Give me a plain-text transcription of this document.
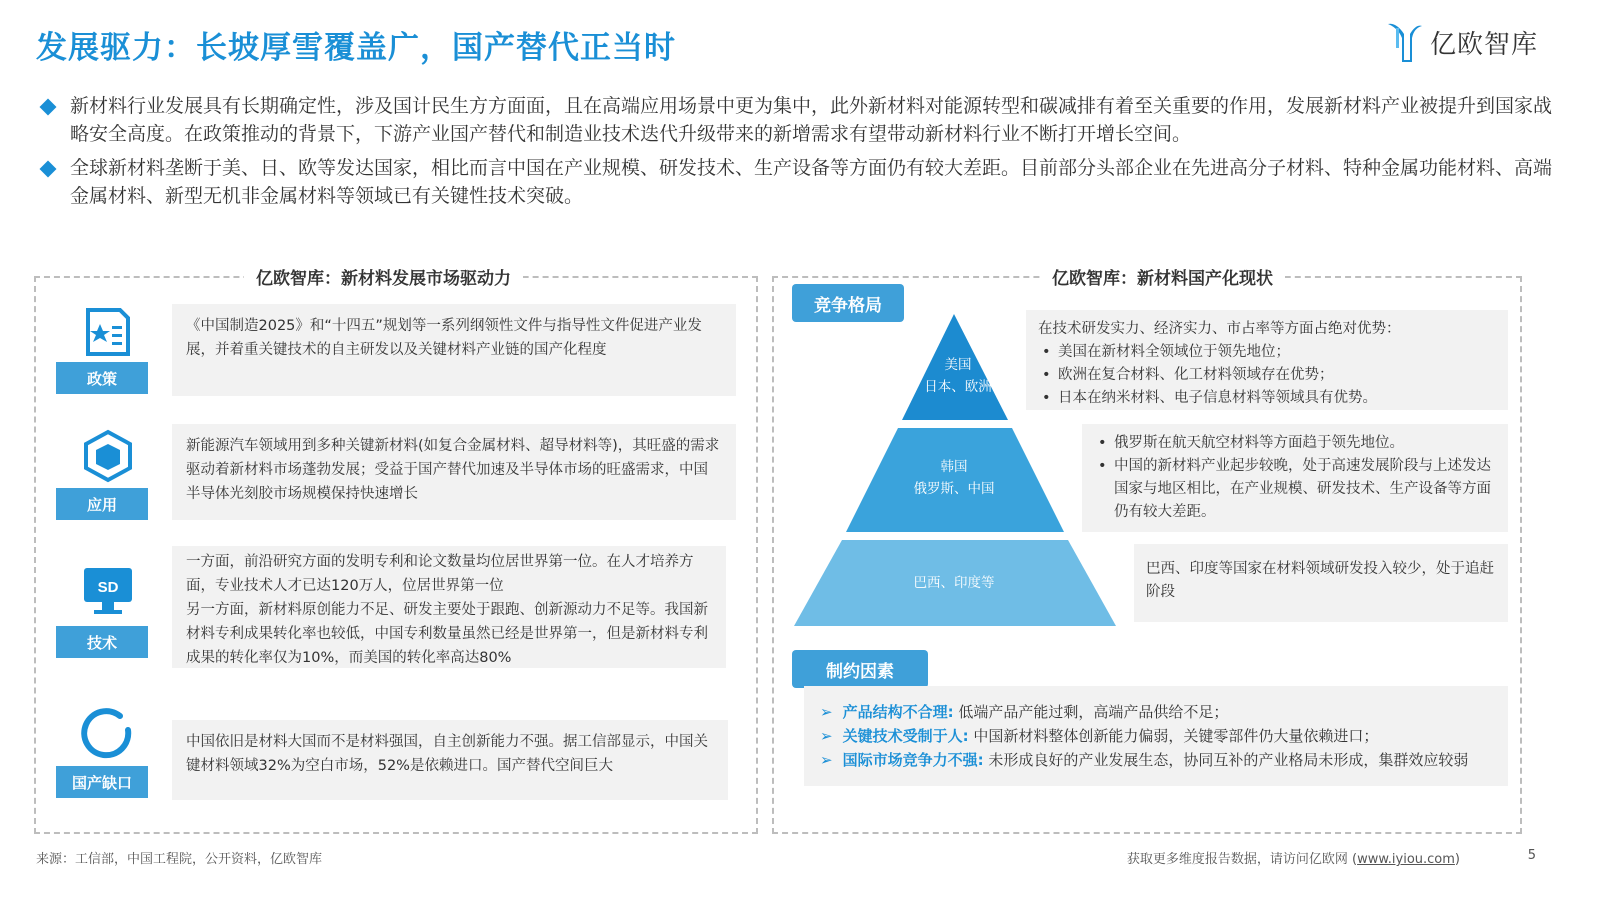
发展驱力：长坡厚雪覆盖广，国产替代正当时	亿欧智库

新材料行业发展具有长期确定性，涉及国计民生方方面面，且在高端应用场景中更为集中，此外新材料对能源转型和碳减排有着至关重要的作用，发展新材料产业被提升到国家战略安全高度。在政策推动的背景下，下游产业国产替代和制造业技术迭代升级带来的新增需求有望带动新材料行业不断打开增长空间。

全球新材料垄断于美、日、欧等发达国家，相比而言中国在产业规模、研发技术、生产设备等方面仍有较大差距。目前部分头部企业在先进高分子材料、特种金属功能材料、高端金属材料、新型无机非金属材料等领域已有关键性技术突破。

亿欧智库：新材料发展市场驱动力
政策
《中国制造2025》和“十四五”规划等一系列纲领性文件与指导性文件促进产业发展，并着重关键技术的自主研发以及关键材料产业链的国产化程度
应用
新能源汽车领域用到多种关键新材料(如复合金属材料、超导材料等)，其旺盛的需求驱动着新材料市场蓬勃发展；受益于国产替代加速及半导体市场的旺盛需求，中国半导体光刻胶市场规模保持快速增长
SD
技术
一方面，前沿研究方面的发明专利和论文数量均位居世界第一位。在人才培养方面，专业技术人才已达120万人，位居世界第一位
另一方面，新材料原创能力不足、研发主要处于跟跑、创新源动力不足等。我国新材料专利成果转化率也较低，中国专利数量虽然已经是世界第一，但是新材料专利成果的转化率仅为10%，而美国的转化率高达80%
国产缺口
中国依旧是材料大国而不是材料强国，自主创新能力不强。据工信部显示，中国关键材料领域32%为空白市场，52%是依赖进口。国产替代空间巨大
亿欧智库：新材料国产化现状
竞争格局
美国
日本、欧洲
韩国
俄罗斯、中国
巴西、印度等
在技术研发实力、经济实力、市占率等方面占绝对优势：
• 美国在新材料全领域位于领先地位；
• 欧洲在复合材料、化工材料领域存在优势；
• 日本在纳米材料、电子信息材料等领域具有优势。
• 俄罗斯在航天航空材料等方面趋于领先地位。
• 中国的新材料产业起步较晚，处于高速发展阶段与上述发达国家与地区相比，在产业规模、研发技术、生产设备等方面仍有较大差距。
巴西、印度等国家在材料领域研发投入较少，处于追赶阶段
制约因素
➢ 产品结构不合理: 低端产品产能过剩，高端产品供给不足；
➢ 关键技术受制于人: 中国新材料整体创新能力偏弱，关键零部件仍大量依赖进口；
➢ 国际市场竞争力不强: 未形成良好的产业发展生态，协同互补的产业格局未形成，集群效应较弱
来源：工信部，中国工程院，公开资料，亿欧智库	获取更多维度报告数据，请访问亿欧网 (www.iyiou.com)	5
